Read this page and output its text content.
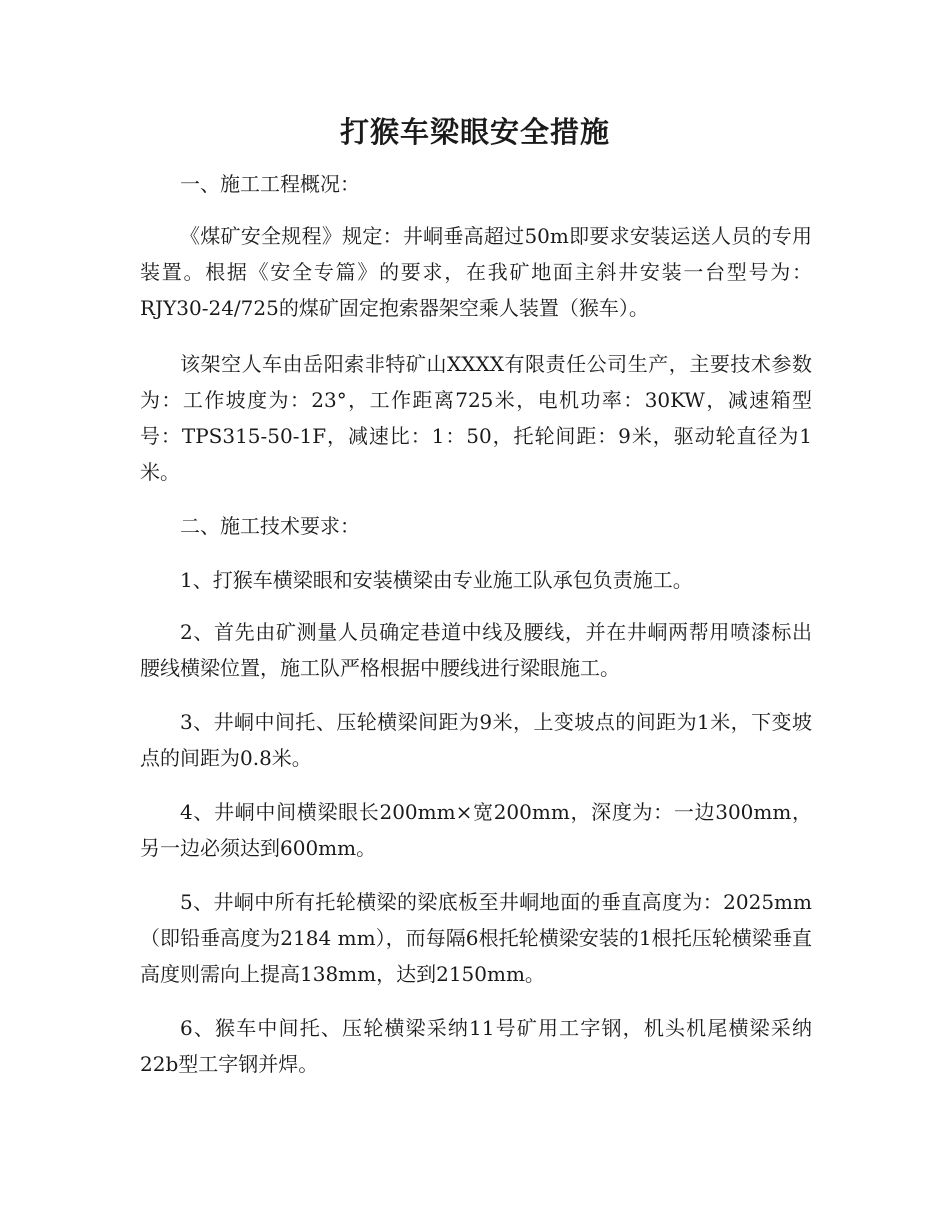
打猴车梁眼安全措施
一、施工工程概况：
《煤矿安全规程》规定：井峒垂高超过50m即要求安装运送人员的专用装置。根据《安全专篇》的要求，在我矿地面主斜井安装一台型号为：RJY30-24/725的煤矿固定抱索器架空乘人装置（猴车）。
该架空人车由岳阳索非特矿山XXXX有限责任公司生产，主要技术参数为：工作坡度为：23°，工作距离725米，电机功率：30KW，减速箱型号：TPS315-50-1F，减速比：1：50，托轮间距：9米，驱动轮直径为1米。
二、施工技术要求：
1、打猴车横梁眼和安装横梁由专业施工队承包负责施工。
2、首先由矿测量人员确定巷道中线及腰线，并在井峒两帮用喷漆标出腰线横梁位置，施工队严格根据中腰线进行梁眼施工。
3、井峒中间托、压轮横梁间距为9米，上变坡点的间距为1米，下变坡点的间距为0.8米。
4、井峒中间横梁眼长200mm×宽200mm，深度为：一边300mm，另一边必须达到600mm。
5、井峒中所有托轮横梁的梁底板至井峒地面的垂直高度为：2025mm（即铅垂高度为2184 mm），而每隔6根托轮横梁安装的1根托压轮横梁垂直高度则需向上提高138mm，达到2150mm。
6、猴车中间托、压轮横梁采纳11号矿用工字钢，机头机尾横梁采纳22b型工字钢并焊。
